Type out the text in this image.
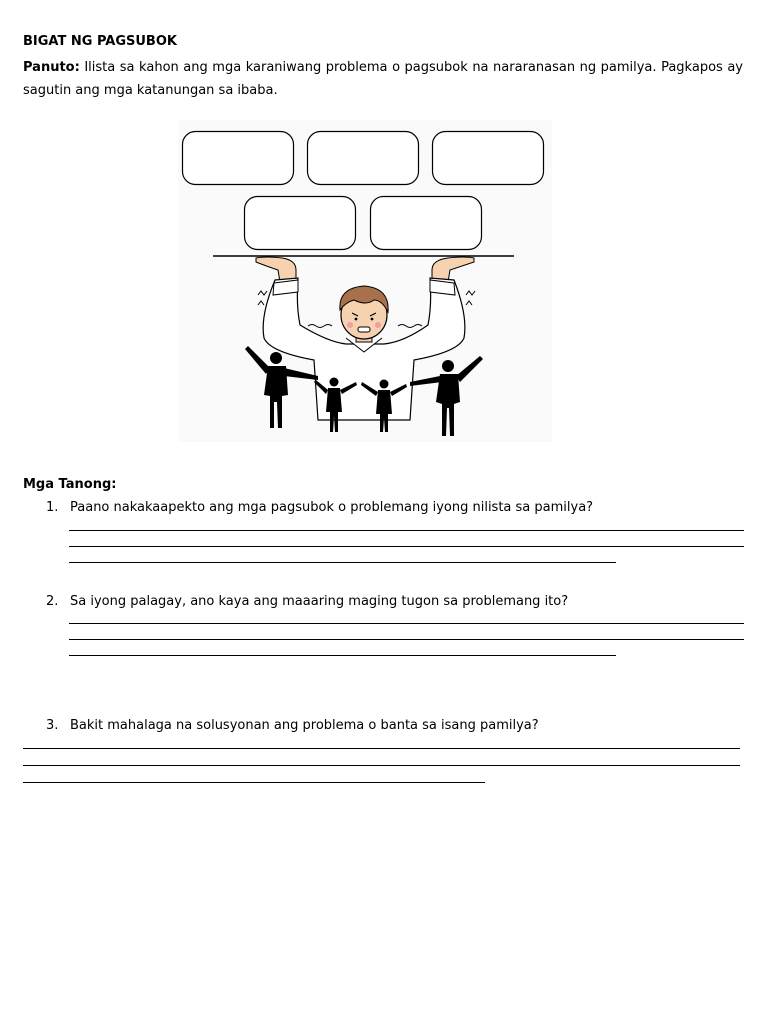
BIGAT NG PAGSUBOK
Panuto: Ilista sa kahon ang mga karaniwang problema o pagsubok na nararanasan ng pamilya. Pagkapos ay sagutin ang mga katanungan sa ibaba.
Mga Tanong:
1. Paano nakakaapekto ang mga pagsubok o problemang iyong nilista sa pamilya?
2. Sa iyong palagay, ano kaya ang maaaring maging tugon sa problemang ito?
3. Bakit mahalaga na solusyonan ang problema o banta sa isang pamilya?
